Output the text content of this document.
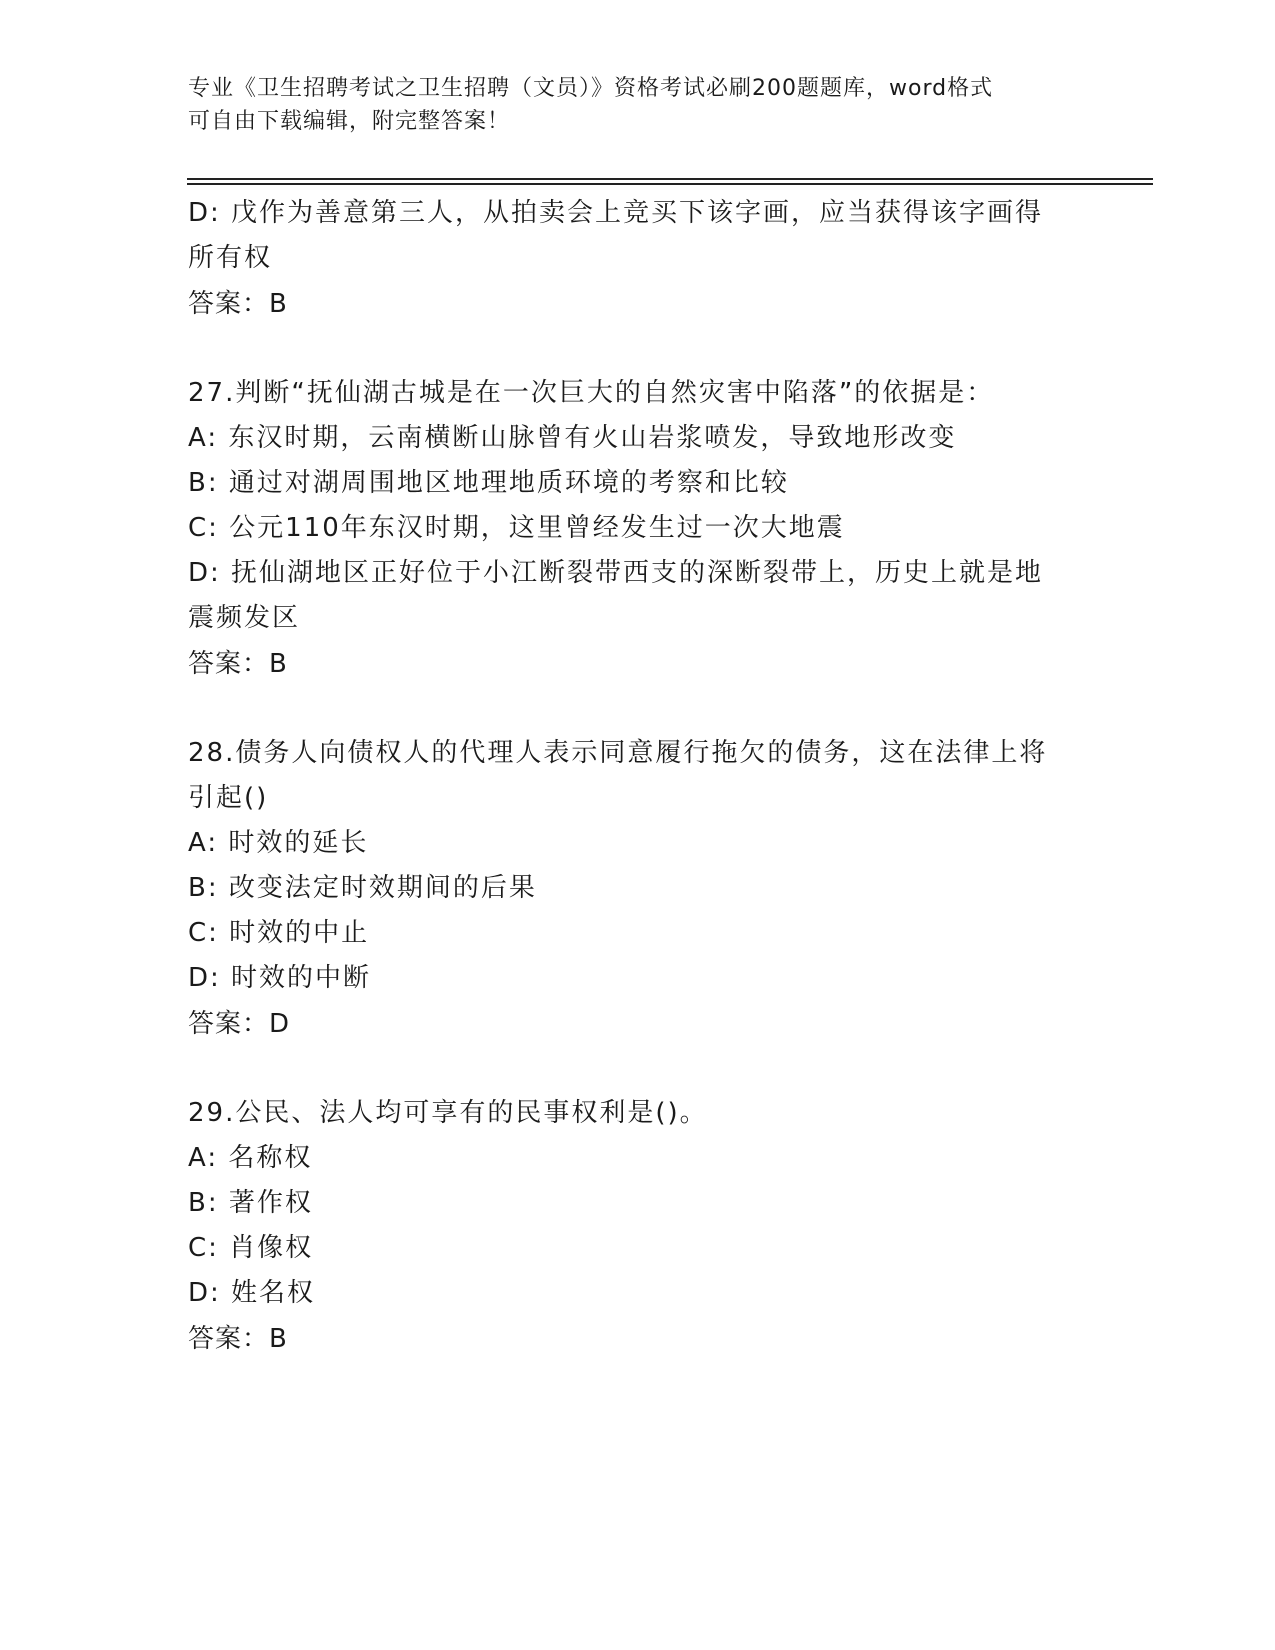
专业《卫生招聘考试之卫生招聘（文员）》资格考试必刷200题题库，word格式
可自由下载编辑，附完整答案！
D: 戊作为善意第三人，从拍卖会上竞买下该字画，应当获得该字画得
所有权
答案：B
27.判断“抚仙湖古城是在一次巨大的自然灾害中陷落”的依据是：
A: 东汉时期，云南横断山脉曾有火山岩浆喷发，导致地形改变
B: 通过对湖周围地区地理地质环境的考察和比较
C: 公元110年东汉时期，这里曾经发生过一次大地震
D: 抚仙湖地区正好位于小江断裂带西支的深断裂带上，历史上就是地
震频发区
答案：B
28.债务人向债权人的代理人表示同意履行拖欠的债务，这在法律上将
引起()
A: 时效的延长
B: 改变法定时效期间的后果
C: 时效的中止
D: 时效的中断
答案：D
29.公民、法人均可享有的民事权利是()。
A: 名称权
B: 著作权
C: 肖像权
D: 姓名权
答案：B
